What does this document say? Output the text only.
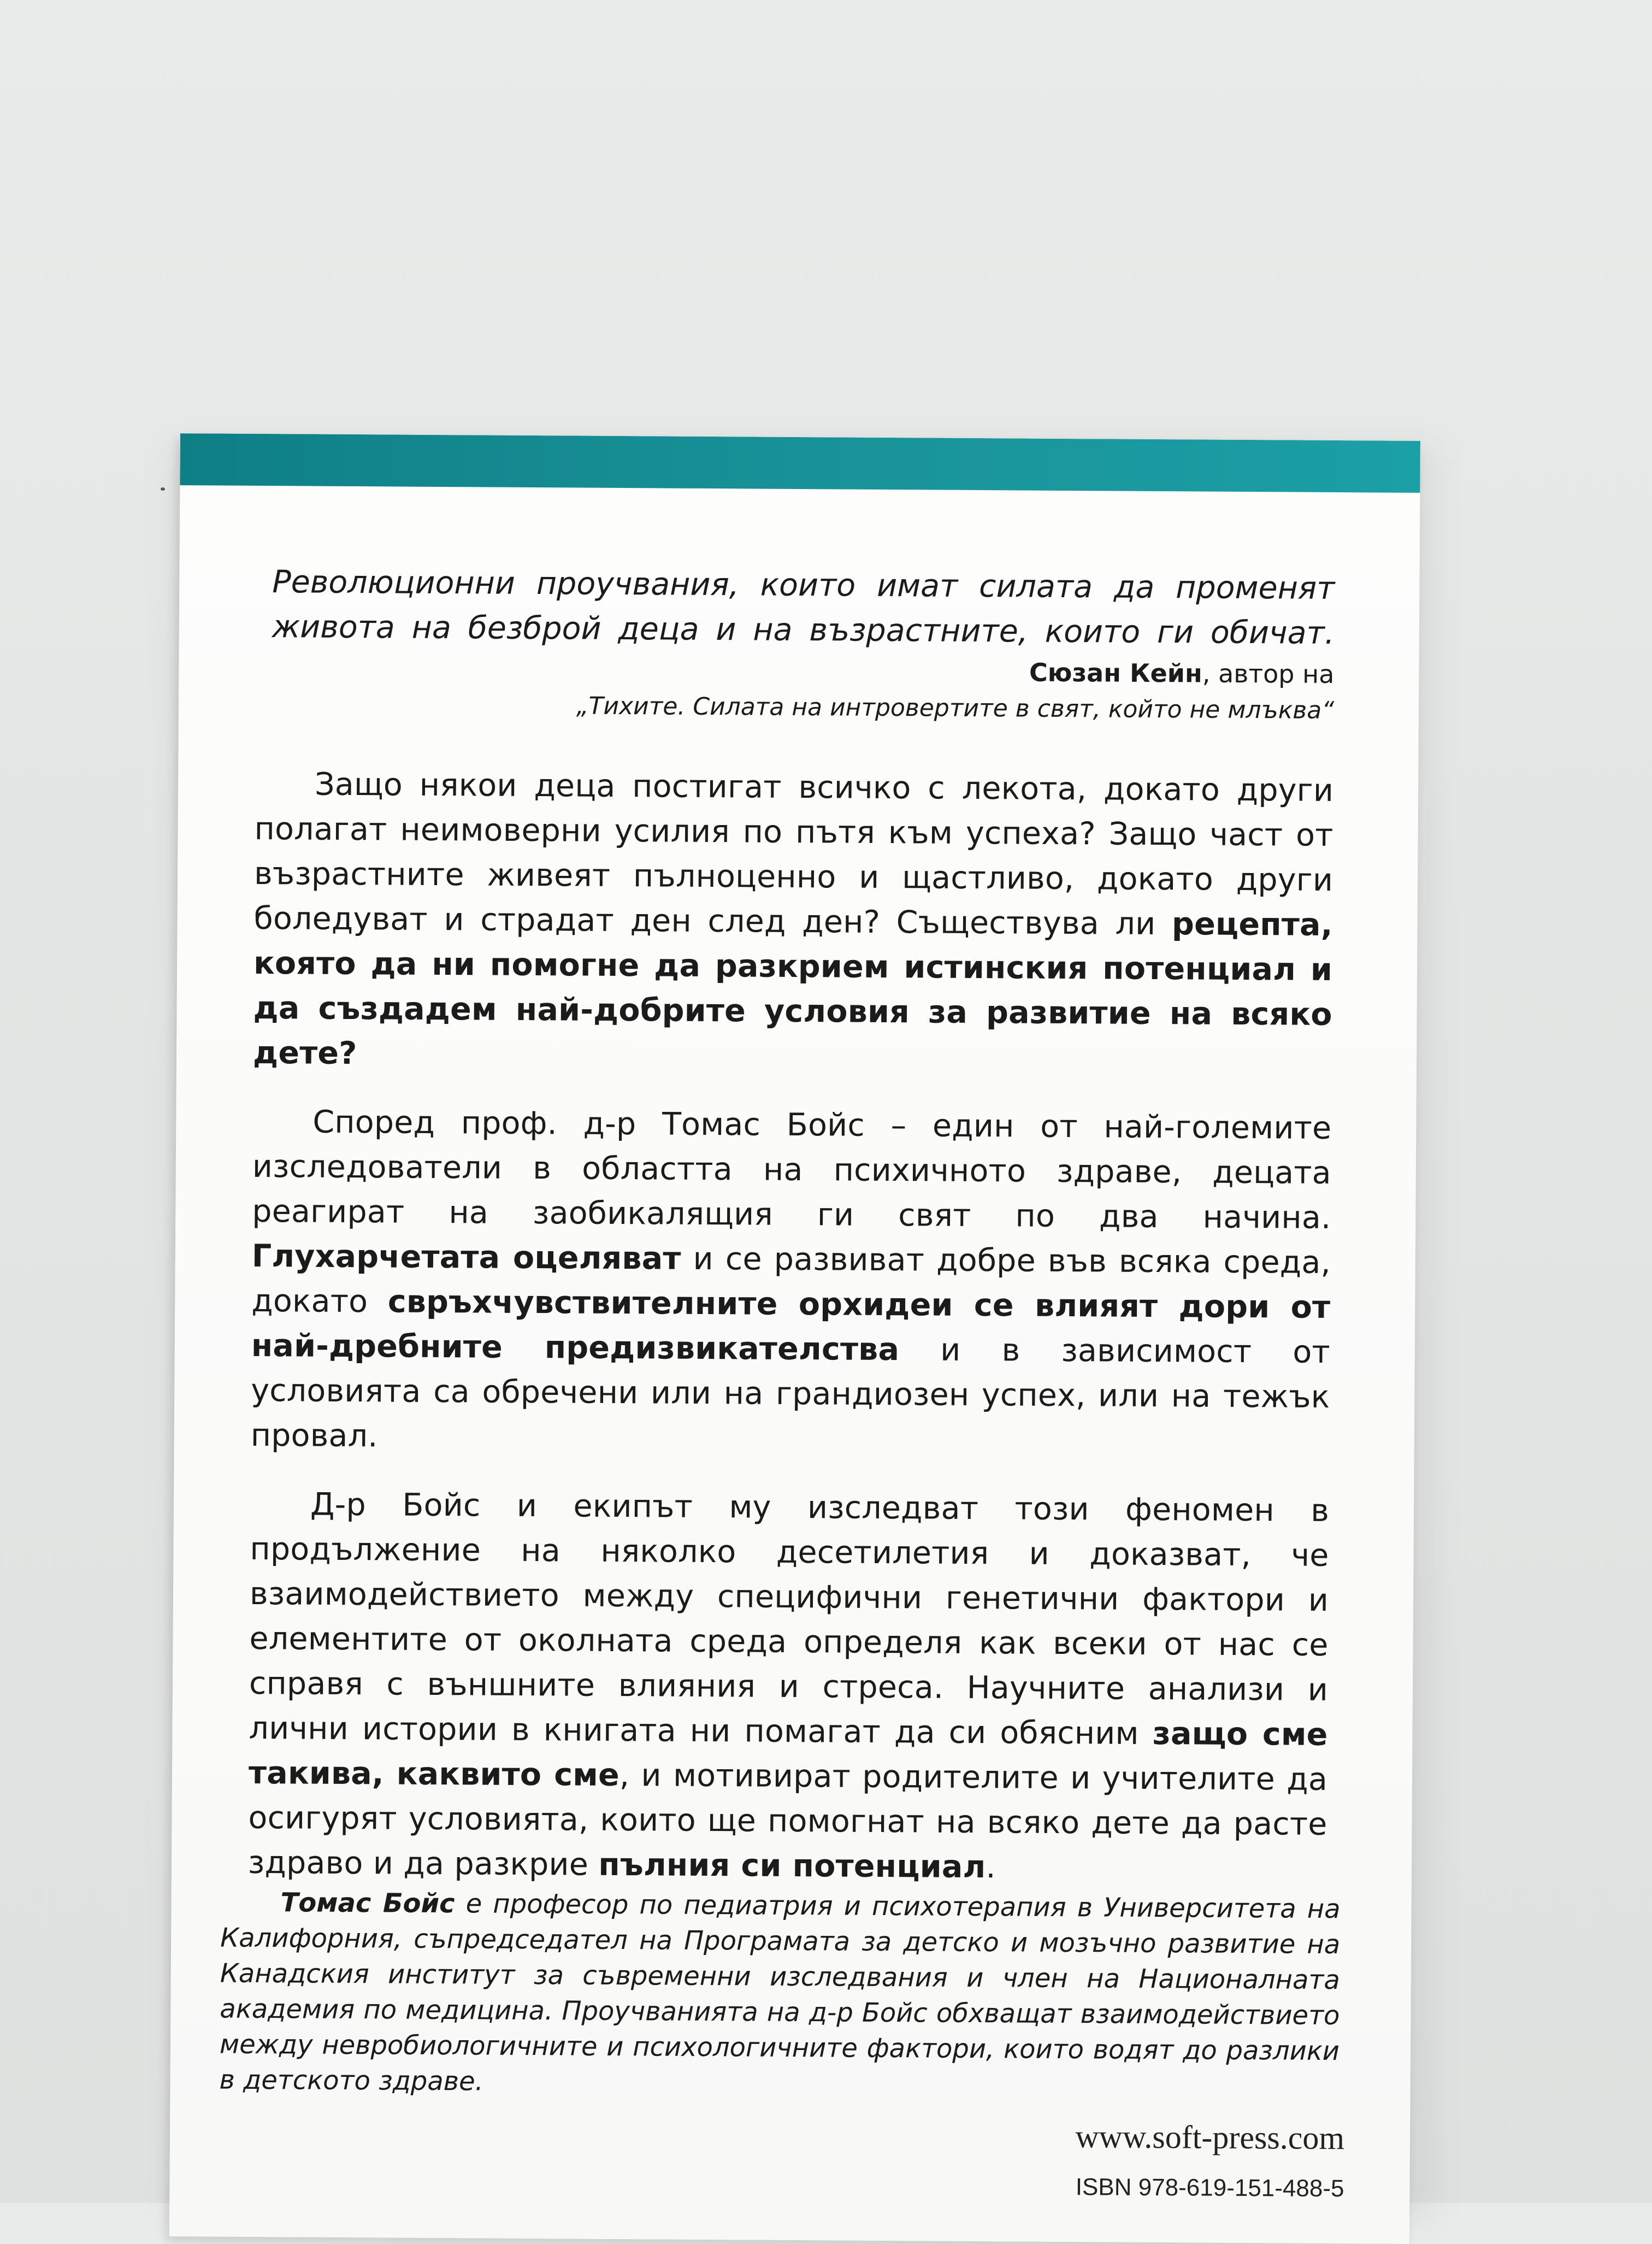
Революционни проучвания, които имат силата да променят
живота на безброй деца и на възрастните, които ги обичат.
Сюзан Кейн, автор на
„Тихите. Силата на интровертите в свят, който не млъква“

Защо някои деца постигат всичко с лекота, докато други полагат неимоверни усилия по пътя към успеха? Защо част от възрастните живеят пълноценно и щастливо, докато други боледуват и страдат ден след ден? Съществува ли рецепта, която да ни помогне да разкрием истинския потенциал и да създадем най-добрите условия за развитие на всяко дете?

Според проф. д-р Томас Бойс – един от най-големите изследователи в областта на психичното здраве, децата реагират на заобикалящия ги свят по два начина. Глухарчетата оцеляват и се развиват добре във всяка среда, докато свръхчувствителните орхидеи се влияят дори от най-дребните предизвикателства и в зависимост от условията са обречени или на грандиозен успех, или на тежък провал.

Д-р Бойс и екипът му изследват този феномен в продължение на няколко десетилетия и доказват, че взаимодействието между специфични генетични фактори и елементите от околната среда определя как всеки от нас се справя с външните влияния и стреса. Научните анализи и лични истории в книгата ни помагат да си обясним защо сме такива, каквито сме, и мотивират родителите и учителите да осигурят условията, които ще помогнат на всяко дете да расте здраво и да разкрие пълния си потенциал.

Томас Бойс е професор по педиатрия и психотерапия в Университета на Калифорния, съпредседател на Програмата за детско и мозъчно развитие на Канадския институт за съвременни изследвания и член на Националната академия по медицина. Проучванията на д-р Бойс обхващат взаимодействието между невробиологичните и психологичните фактори, които водят до разлики в детското здраве.

www.soft-press.com
ISBN 978-619-151-488-5
